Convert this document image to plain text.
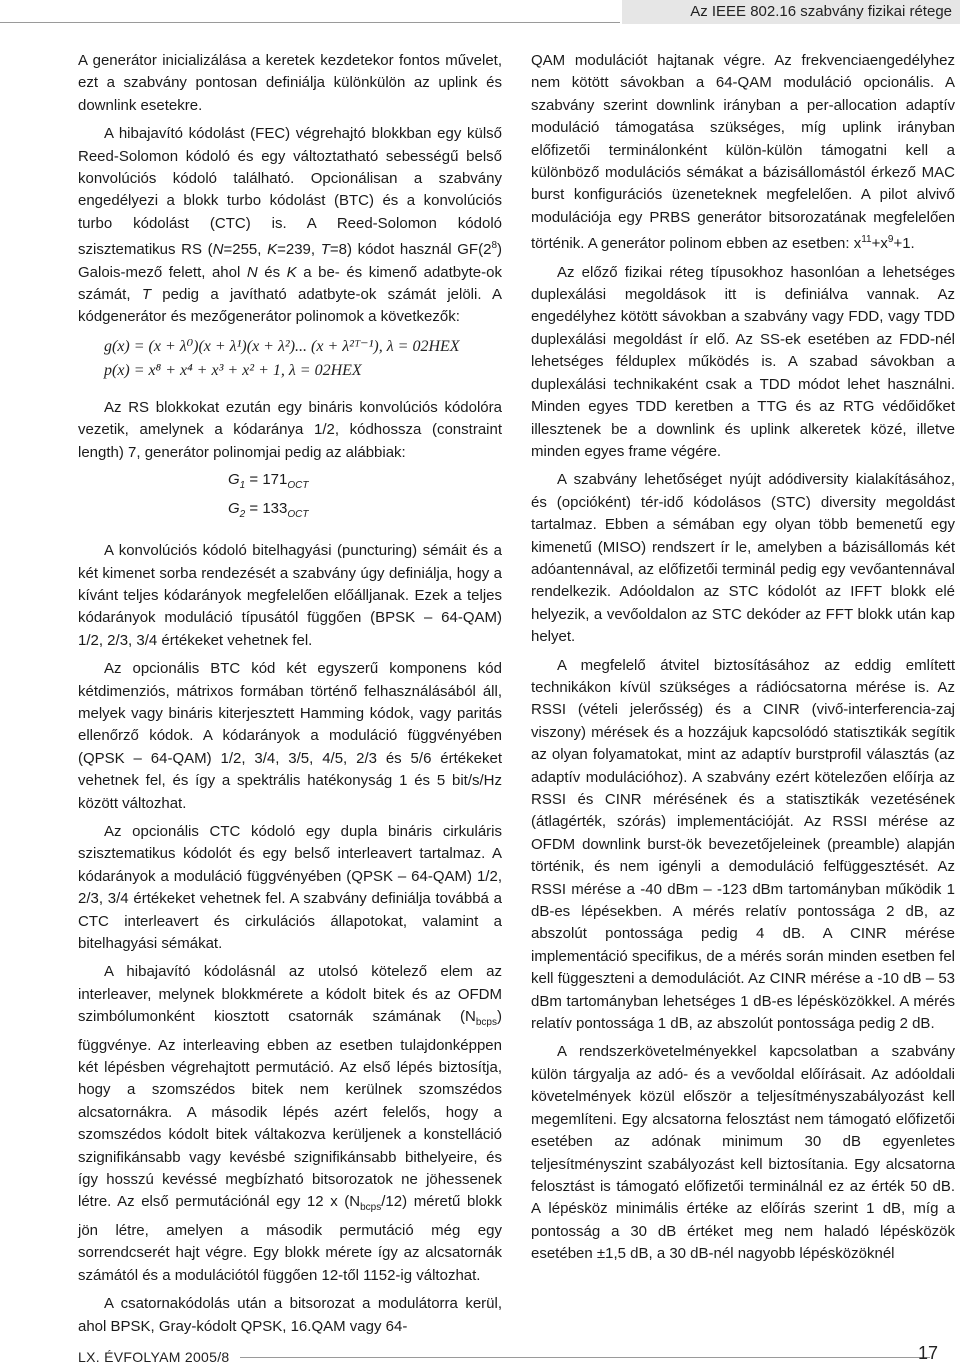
Az IEEE 802.16 szabvány fizikai rétege

A generátor inicializálása a keretek kezdetekor fontos művelet, ezt a szabvány pontosan definiálja különkülön az uplink és downlink esetekre.

A hibajavító kódolást (FEC) végrehajtó blokkban egy külső Reed-Solomon kódoló és egy változtatható sebességű belső konvolúciós kódoló található. Opcionálisan a szabvány engedélyezi a blokk turbo kódolást (BTC) és a konvolúciós turbo kódolást (CTC) is. A Reed-Solomon kódoló szisztematikus RS (N=255, K=239, T=8) kódot használ $GF(2^8)$ Galois-mező felett, ahol N és K a be- és kimenő adatbyte-ok számát, T pedig a javítható adatbyte-ok számát jelöli. A kódgenerátor és mezőgenerátor polinomok a következők:

g(x) = (x + λ⁰)(x + λ¹)(x + λ²)... (x + λ²ᵀ⁻¹), λ = 02HEX
p(x) = x⁸ + x⁴ + x³ + x² + 1, λ = 02HEX

Az RS blokkokat ezután egy bináris konvolúciós kódolóra vezetik, amelynek a kódaránya 1/2, kódhossza (constraint length) 7, generátor polinomjai pedig az alábbiak:

$G_1 = 171_{OCT}$
$G_2 = 133_{OCT}$

A konvolúciós kódoló bitelhagyási (puncturing) sémáit és a két kimenet sorba rendezését a szabvány úgy definiálja, hogy a kívánt teljes kódarányok megfelelően előálljanak. Ezek a teljes kódarányok moduláció típusától függően (BPSK – 64-QAM) 1/2, 2/3, 3/4 értékeket vehetnek fel.

Az opcionális BTC kód két egyszerű komponens kód kétdimenziós, mátrixos formában történő felhasználásából áll, melyek vagy bináris kiterjesztett Hamming kódok, vagy paritás ellenőrző kódok. A kódarányok a moduláció függvényében (QPSK – 64-QAM) 1/2, 3/4, 3/5, 4/5, 2/3 és 5/6 értékeket vehetnek fel, és így a spektrális hatékonyság 1 és 5 bit/s/Hz között változhat.

Az opcionális CTC kódoló egy dupla bináris cirkuláris szisztematikus kódolót és egy belső interleavert tartalmaz. A kódarányok a moduláció függvényében (QPSK – 64-QAM) 1/2, 2/3, 3/4 értékeket vehetnek fel. A szabvány definiálja továbbá a CTC interleavert és cirkulációs állapotokat, valamint a bitelhagyási sémákat.

A hibajavító kódolásnál az utolsó kötelező elem az interleaver, melynek blokkmérete a kódolt bitek és az OFDM szimbólumonként kiosztott csatornák számának $(N_{bcps})$ függvénye. Az interleaving ebben az esetben tulajdonképpen két lépésben végrehajtott permutáció. Az első lépés biztosítja, hogy a szomszédos bitek nem kerülnek szomszédos alcsatornákra. A második lépés azért felelős, hogy a szomszédos kódolt bitek váltakozva kerüljenek a konstelláció szignifikánsabb vagy kevésbé szignifikánsabb bithelyeire, és így hosszú kevéssé megbízható bitsorozatok ne jöhessenek létre. Az első permutációnál egy 12 x $(N_{bcps}/12)$ méretű blokk jön létre, amelyen a második permutáció még egy sorrendcserét hajt végre. Egy blokk mérete így az alcsatornák számától és a modulációtól függően 12-től 1152-ig változhat.

A csatornakódolás után a bitsorozat a modulátorra kerül, ahol BPSK, Gray-kódolt QPSK, 16.QAM vagy 64-

QAM modulációt hajtanak végre. Az frekvenciaengedélyhez nem kötött sávokban a 64-QAM moduláció opcionális. A szabvány szerint downlink irányban a per-allocation adaptív moduláció támogatása szükséges, míg uplink irányban előfizetői terminálonként külön-külön támogatni kell a különböző modulációs sémákat a bázisállomástól érkező MAC burst konfigurációs üzeneteknek megfelelően. A pilot alvivő modulációja egy PRBS generátor bitsorozatának megfelelően történik. A generátor polinom ebben az esetben: $x^{11}+x^9+1$.

Az előző fizikai réteg típusokhoz hasonlóan a lehetséges duplexálási megoldások itt is definiálva vannak. Az engedélyhez kötött sávokban a szabvány vagy FDD, vagy TDD duplexálási megoldást ír elő. Az SS-ek esetében az FDD-nél lehetséges félduplex működés is. A szabad sávokban a duplexálási technikaként csak a TDD módot lehet használni. Minden egyes TDD keretben a TTG és az RTG védőidőket illesztenek be a downlink és uplink alkeretek közé, illetve minden egyes frame végére.

A szabvány lehetőséget nyújt adódiversity kialakításához, és (opcióként) tér-idő kódolásos (STC) diversity megoldást tartalmaz. Ebben a sémában egy olyan több bemenetű egy kimenetű (MISO) rendszert ír le, amelyben a bázisállomás két adóantennával, az előfizetői terminál pedig egy vevőantennával rendelkezik. Adóoldalon az STC kódolót az IFFT blokk elé helyezik, a vevőoldalon az STC dekóder az FFT blokk után kap helyet.

A megfelelő átvitel biztosításához az eddig említett technikákon kívül szükséges a rádiócsatorna mérése is. Az RSSI (vételi jelerősség) és a CINR (vivő-interferencia-zaj viszony) mérések és a hozzájuk kapcsolódó statisztikák segítik az olyan folyamatokat, mint az adaptív burstprofil választás (az adaptív modulációhoz). A szabvány ezért kötelezően előírja az RSSI és CINR mérésének és a statisztikák vezetésének (átlagérték, szórás) implementációját. Az RSSI mérése az OFDM downlink burst-ök bevezetőjeleinek (preamble) alapján történik, és nem igényli a demoduláció felfüggesztését. Az RSSI mérése a -40 dBm – -123 dBm tartományban működik 1 dB-es lépésekben. A mérés relatív pontossága 2 dB, az abszolút pontossága pedig 4 dB. A CINR mérése implementáció specifikus, de a mérés során minden esetben fel kell függeszteni a demodulációt. Az CINR mérése a -10 dB – 53 dBm tartományban lehetséges 1 dB-es lépésközökkel. A mérés relatív pontossága 1 dB, az abszolút pontossága pedig 2 dB.

A rendszerkövetelményekkel kapcsolatban a szabvány külön tárgyalja az adó- és a vevőoldal előírásait. Az adóoldali követelmények közül először a teljesítményszabályozást kell megemlíteni. Egy alcsatorna felosztást nem támogató előfizetői esetében az adónak minimum 30 dB egyenletes teljesítményszint szabályozást kell biztosítania. Egy alcsatorna felosztást is támogató előfizetői terminálnál ez az érték 50 dB. A lépésköz minimális értéke az előírás szerint 1 dB, míg a pontosság a 30 dB értéket meg nem haladó lépésközök esetében ±1,5 dB, a 30 dB-nél nagyobb lépésközöknél

LX. ÉVFOLYAM 2005/8	17
